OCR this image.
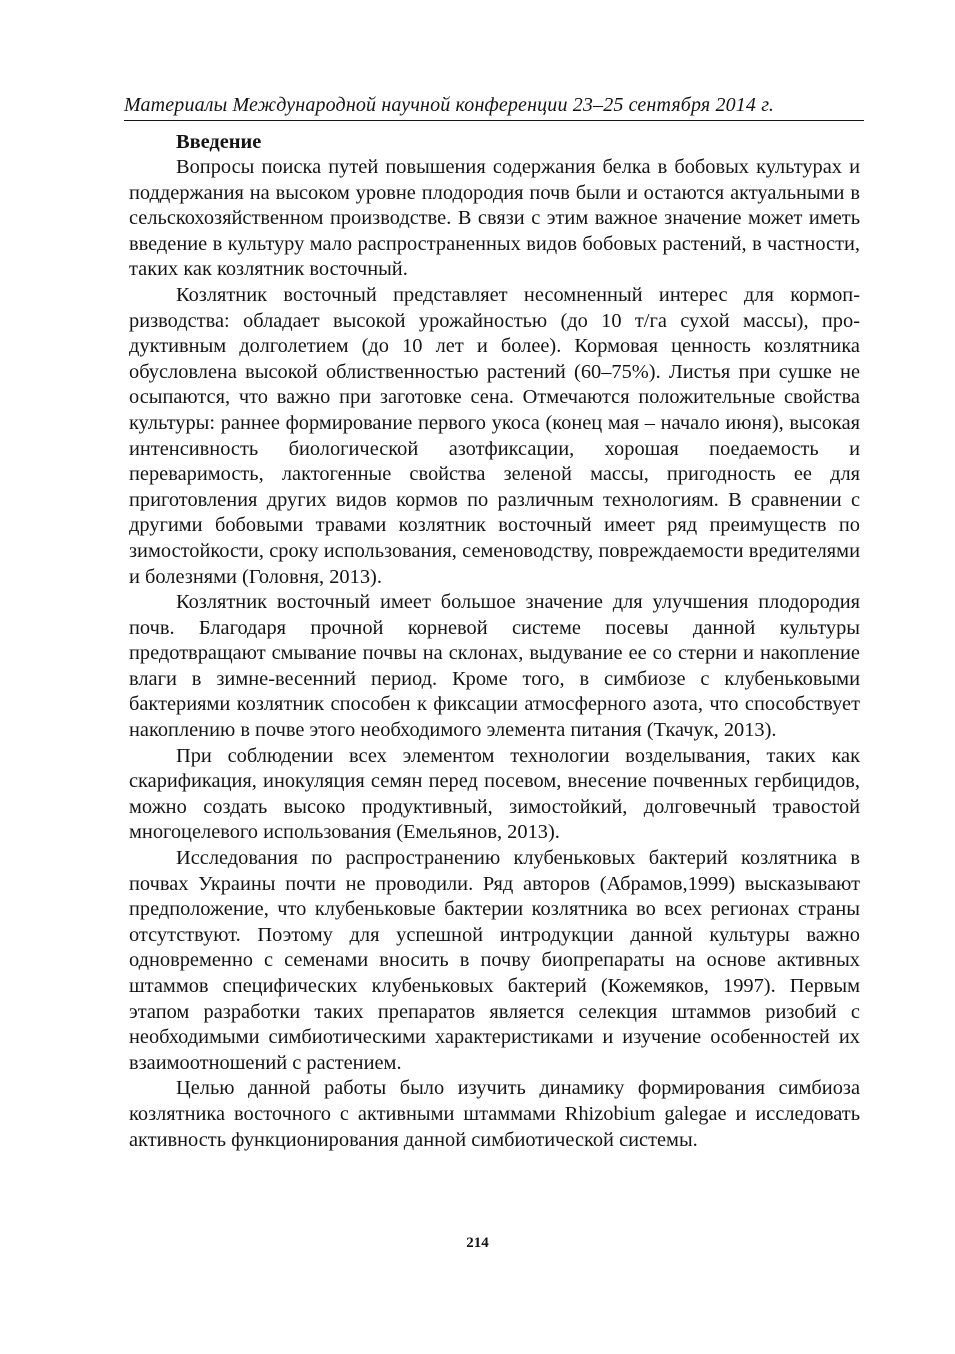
Материалы Международной научной конференции 23–25 сентября 2014 г.
Введение

Вопросы поиска путей повышения содержания белка в бобовых культурах и поддержания на высоком уровне плодородия почв были и остаются актуальными в сельскохозяйственном производстве. В связи с этим важное значение может иметь введение в культуру мало распространенных видов бобовых растений, в частности, таких как козлятник восточный.

Козлятник восточный представляет несомненный интерес для кормопризводства: обладает высокой урожайностью (до 10 т/га сухой массы), продуктивным долголетием (до 10 лет и более). Кормовая ценность козлятника обусловлена высокой облиственностью растений (60–75%). Листья при сушке не осыпаются, что важно при заготовке сена. Отмечаются положительные свойства культуры: раннее формирование первого укоса (конец мая – начало июня), высокая интенсивность биологической азотфиксации, хорошая поедаемость и переваримость, лактогенные свойства зеленой массы, пригодность ее для приготовления других видов кормов по различным технологиям. В сравнении с другими бобовыми травами козлятник восточный имеет ряд преимуществ по зимостойкости, сроку использования, семеноводству, повреждаемости вредителями и болезнями (Головня, 2013).

Козлятник восточный имеет большое значение для улучшения плодородия почв. Благодаря прочной корневой системе посевы данной культуры предотвращают смывание почвы на склонах, выдувание ее со стерни и накопление влаги в зимне-весенний период. Кроме того, в симбиозе с клубеньковыми бактериями козлятник способен к фиксации атмосферного азота, что способствует накоплению в почве этого необходимого элемента питания (Ткачук, 2013).

При соблюдении всех элементом технологии возделывания, таких как скарификация, инокуляция семян перед посевом, внесение почвенных гербицидов, можно создать высоко продуктивный, зимостойкий, долговечный травостой многоцелевого использования (Емельянов, 2013).

Исследования по распространению клубеньковых бактерий козлятника в почвах Украины почти не проводили. Ряд авторов (Абрамов,1999) высказывают предположение, что клубеньковые бактерии козлятника во всех регионах страны отсутствуют. Поэтому для успешной интродукции данной культуры важно одновременно с семенами вносить в почву биопрепараты на основе активных штаммов специфических клубеньковых бактерий (Кожемяков, 1997). Первым этапом разработки таких препаратов является селекция штаммов ризобий с необходимыми симбиотическими характеристиками и изучение особенностей их взаимоотношений с растением.

Целью данной работы было изучить динамику формирования симбиоза козлятника восточного с активными штаммами Rhizobium galegae и исследовать активность функционирования данной симбиотической системы.

214
